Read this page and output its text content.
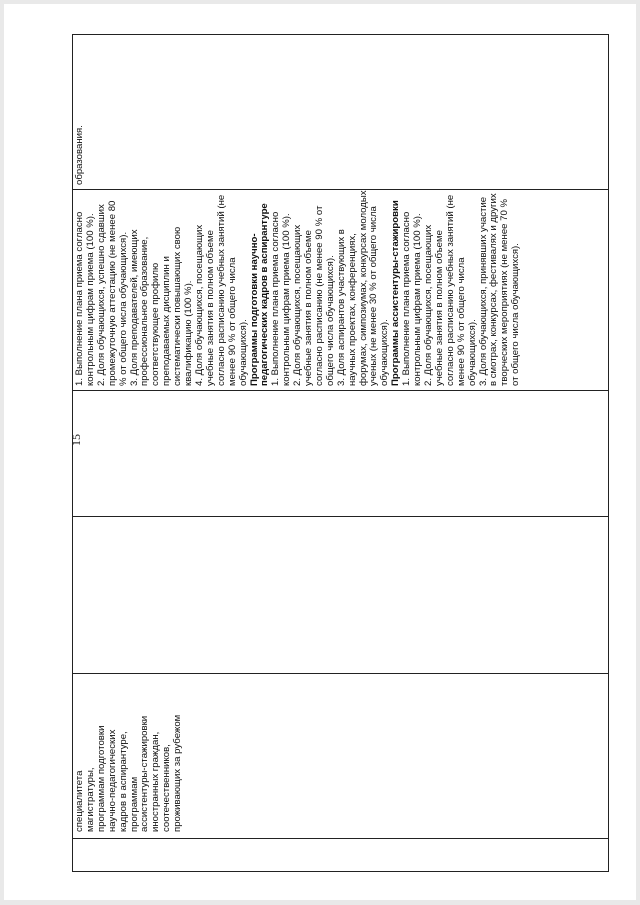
15
специалитета магистратуры, программам подготовки научно-педагогических кадров в аспирантуре, программам ассистентуры-стажировки иностранных граждан, соотечественников, проживающих за рубежом
1. Выполнение плана приема согласно контрольным цифрам приема (100 %). 2. Доля обучающихся, успешно сдавших промежуточную аттестацию (не менее 80 % от общего числа обучающихся). 3. Доля преподавателей, имеющих профессиональное образование, соответствующее профилю преподаваемых дисциплин и систематически повышающих свою квалификацию (100 %). 4. Доля обучающихся, посещающих учебные занятия в полном объеме согласно расписанию учебных занятий (не менее 90 % от общего числа обучающихся). Программы подготовки научно- педагогических кадров в аспирантуре 1. Выполнение плана приема согласно контрольным цифрам приема (100 %). 2. Доля обучающихся, посещающих учебные занятия в полном объеме согласно расписанию (не менее 90 % от общего числа обучающихся). 3. Доля аспирантов участвующих в научных проектах, конференциях, форумах, симпозиумах, конкурсах молодых ученых (не менее 30 % от общего числа обучающихся). Программы ассистентуры-стажировки 1. Выполнение плана приема согласно контрольным цифрам приема (100 %). 2. Доля обучающихся, посещающих учебные занятия в полном объеме согласно расписанию учебных занятий (не менее 90 % от общего числа обучающихся). 3. Доля обучающихся, принявших участие в смотрах, конкурсах, фестивалях и других творческих мероприятиях (не менее 70 % от общего числа обучающихся).
образования.
